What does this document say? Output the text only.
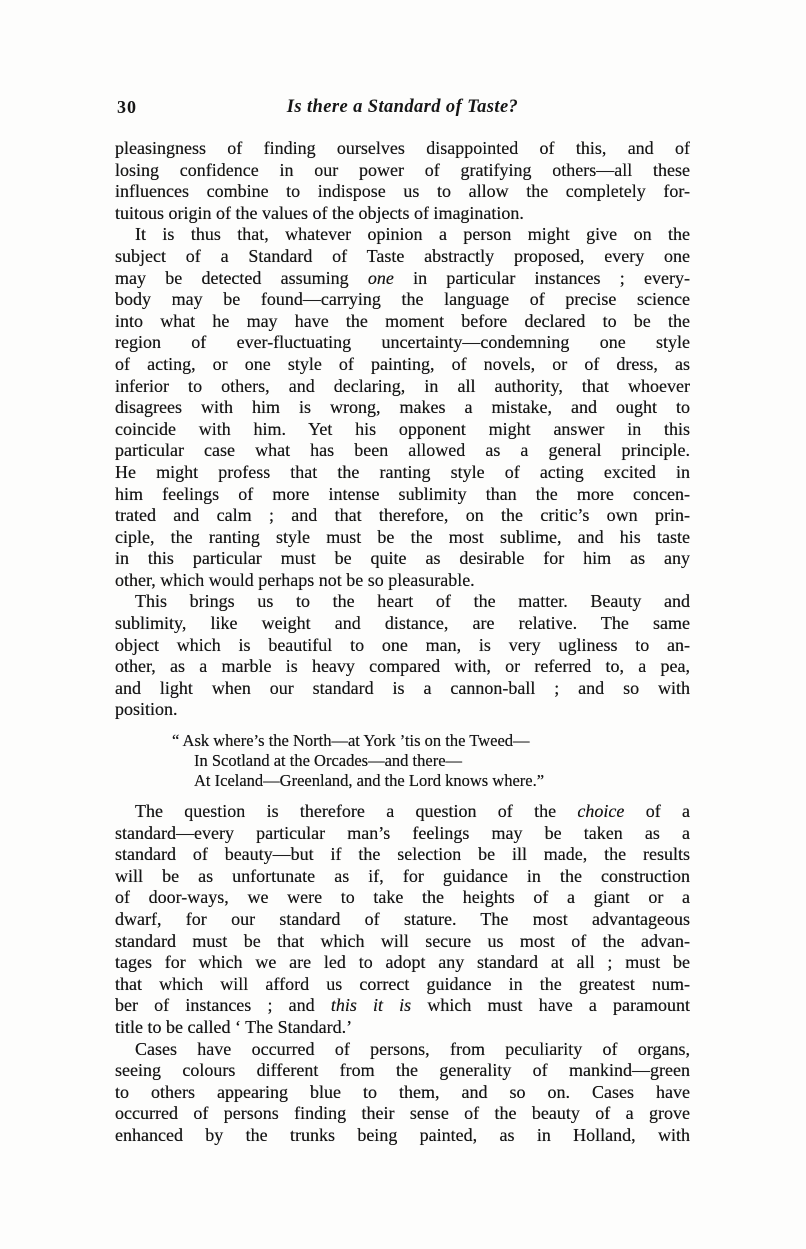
30	Is there a Standard of Taste?
pleasingness of finding ourselves disappointed of this, and of
losing confidence in our power of gratifying others—all these
influences combine to indispose us to allow the completely for-
tuitous origin of the values of the objects of imagination.
It is thus that, whatever opinion a person might give on the
subject of a Standard of Taste abstractly proposed, every one
may be detected assuming one in particular instances ; every-
body may be found—carrying the language of precise science
into what he may have the moment before declared to be the
region of ever-fluctuating uncertainty—condemning one style
of acting, or one style of painting, of novels, or of dress, as
inferior to others, and declaring, in all authority, that whoever
disagrees with him is wrong, makes a mistake, and ought to
coincide with him. Yet his opponent might answer in this
particular case what has been allowed as a general principle.
He might profess that the ranting style of acting excited in
him feelings of more intense sublimity than the more concen-
trated and calm ; and that therefore, on the critic’s own prin-
ciple, the ranting style must be the most sublime, and his taste
in this particular must be quite as desirable for him as any
other, which would perhaps not be so pleasurable.
This brings us to the heart of the matter. Beauty and
sublimity, like weight and distance, are relative. The same
object which is beautiful to one man, is very ugliness to an-
other, as a marble is heavy compared with, or referred to, a pea,
and light when our standard is a cannon-ball ; and so with
position.
“ Ask where’s the North—at York ’tis on the Tweed—
In Scotland at the Orcades—and there—
At Iceland—Greenland, and the Lord knows where.”
The question is therefore a question of the choice of a
standard—every particular man’s feelings may be taken as a
standard of beauty—but if the selection be ill made, the results
will be as unfortunate as if, for guidance in the construction
of door-ways, we were to take the heights of a giant or a
dwarf, for our standard of stature. The most advantageous
standard must be that which will secure us most of the advan-
tages for which we are led to adopt any standard at all ; must be
that which will afford us correct guidance in the greatest num-
ber of instances ; and this it is which must have a paramount
title to be called ‘ The Standard.’
Cases have occurred of persons, from peculiarity of organs,
seeing colours different from the generality of mankind—green
to others appearing blue to them, and so on. Cases have
occurred of persons finding their sense of the beauty of a grove
enhanced by the trunks being painted, as in Holland, with
